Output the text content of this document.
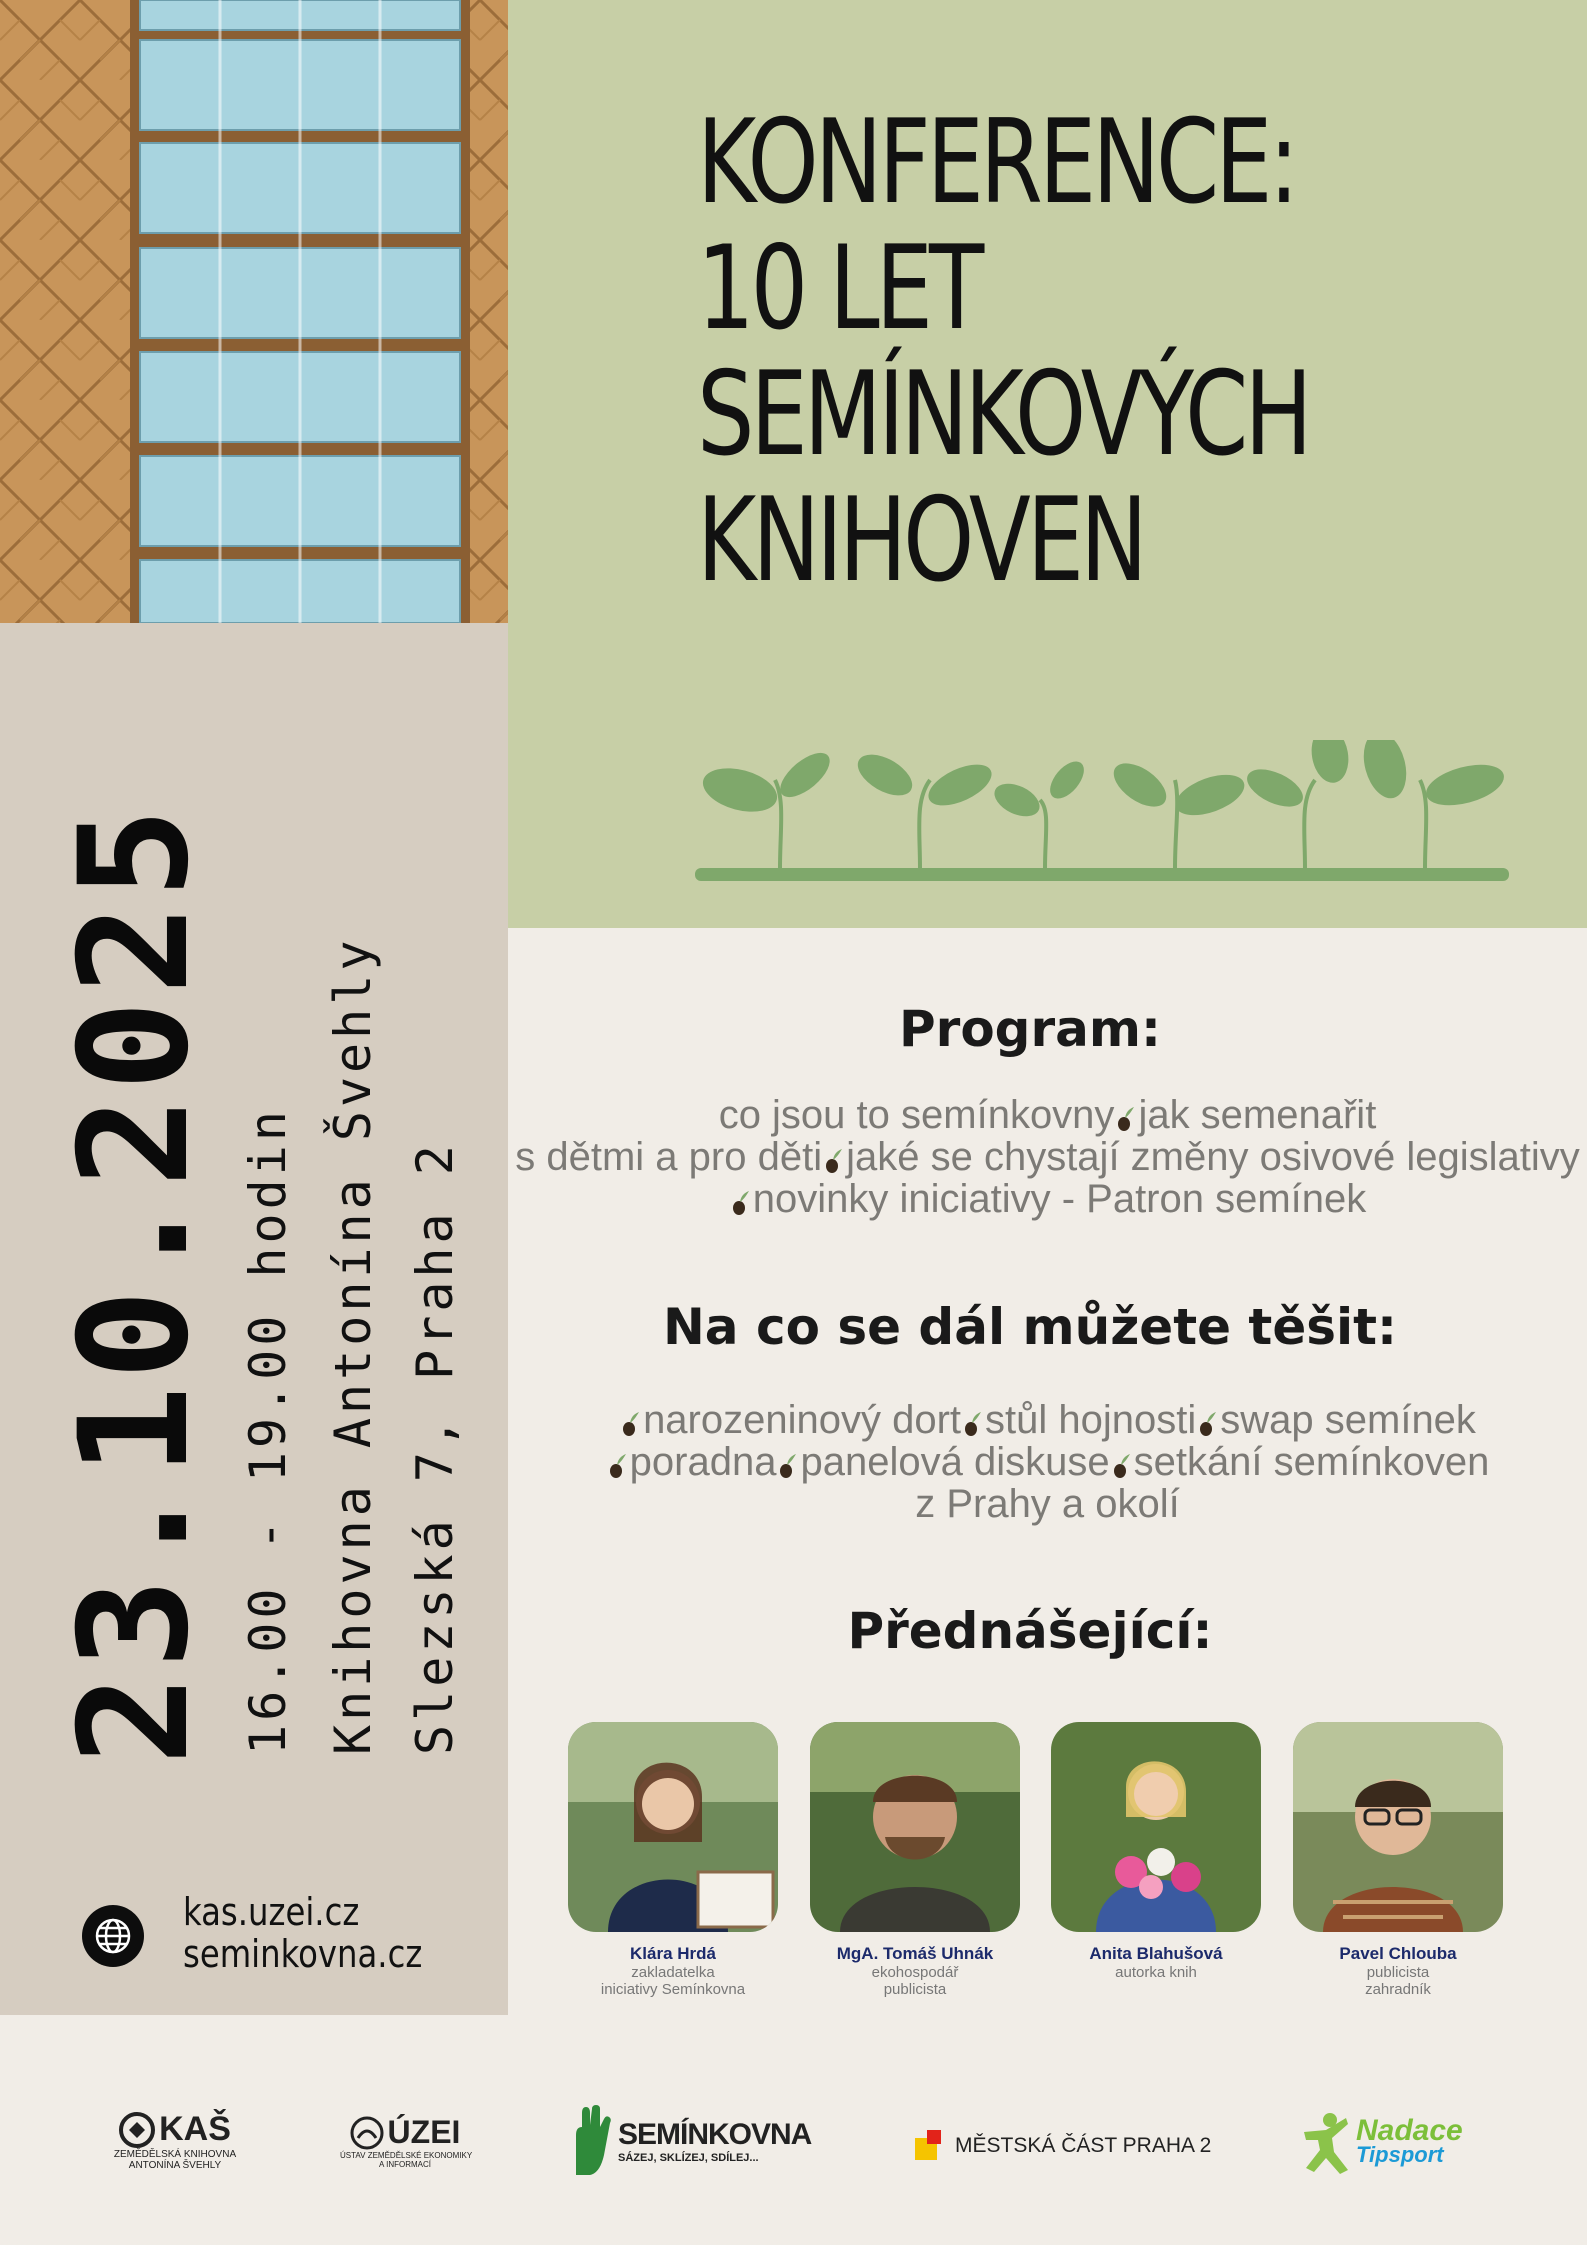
KONFERENCE:
10 LET
SEMÍNKOVÝCH
KNIHOVEN
23.10.2025 16.00 - 19.00 hodin Knihovna Antonína Švehly Slezská 7, Praha 2
kas.uzei.cz
seminkovna.cz
Program:
co jsou to semínkovny jak semenařit
s dětmi a pro děti jaké se chystají změny osivové legislativy
novinky iniciativy - Patron semínek
Na co se dál můžete těšit:
narozeninový dort stůl hojnosti swap semínek
poradna panelová diskuse setkání semínkoven
z Prahy a okolí
Přednášející:
Klára Hrdá
zakladatelka
iniciativy Semínkovna
MgA. Tomáš Uhnák
ekohospodář
publicista
Anita Blahušová
autorka knih
Pavel Chlouba
publicista
zahradník
KAŠ
ZEMĚDĚLSKÁ KNIHOVNA
ANTONÍNA ŠVEHLY
ÚZEI
ÚSTAV ZEMĚDĚLSKÉ EKONOMIKY
A INFORMACÍ
SEMÍNKOVNA
SÁZEJ, SKLÍZEJ, SDÍLEJ...
MĚSTSKÁ ČÁST PRAHA 2	Nadace
Tipsport
